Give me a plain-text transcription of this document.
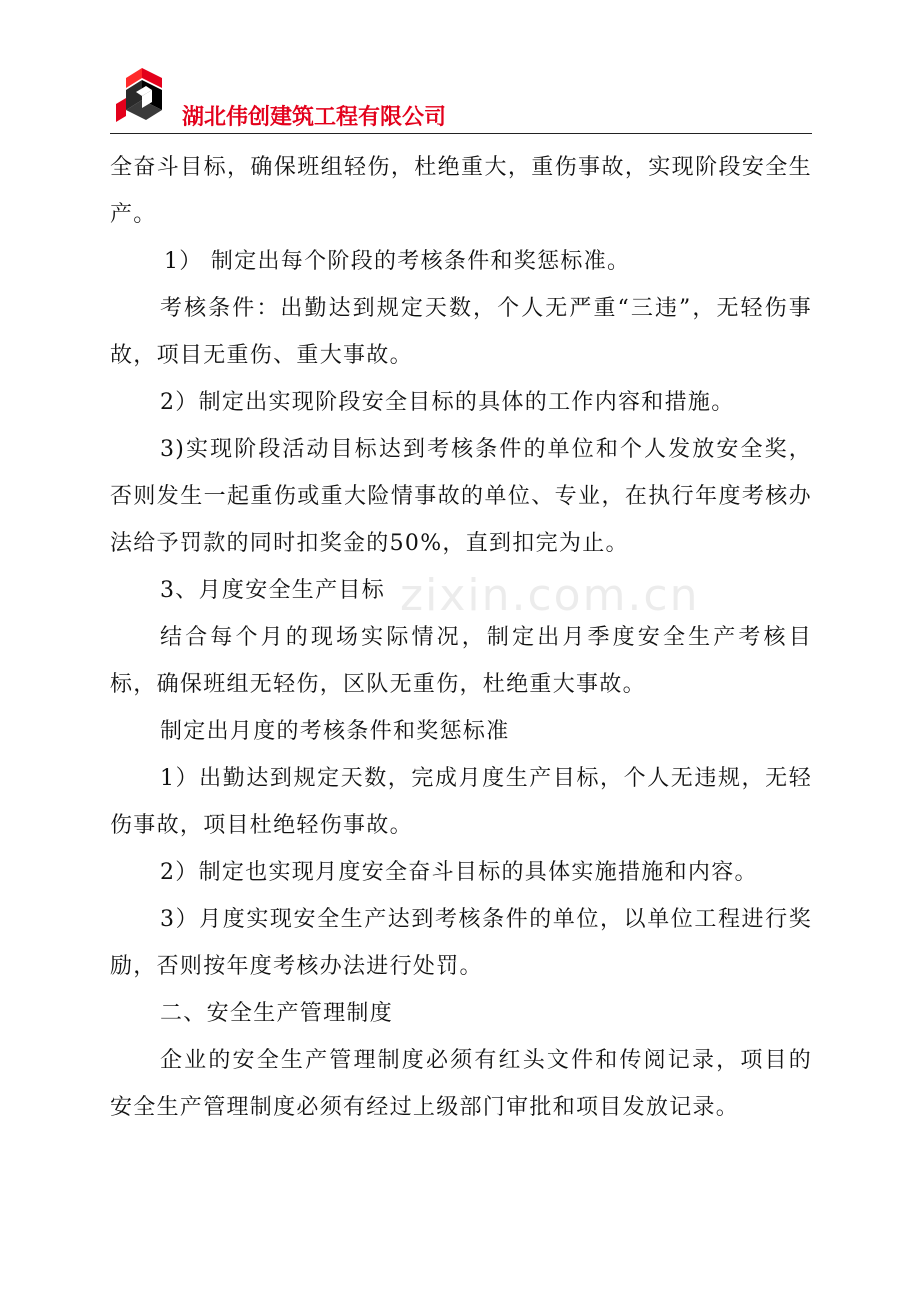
湖北伟创建筑工程有限公司
zixin.com.cn

全奋斗目标，确保班组轻伤，杜绝重大，重伤事故，实现阶段安全生产。

1） 制定出每个阶段的考核条件和奖惩标准。

考核条件：出勤达到规定天数，个人无严重“三违”，无轻伤事故，项目无重伤、重大事故。

2）制定出实现阶段安全目标的具体的工作内容和措施。

3)实现阶段活动目标达到考核条件的单位和个人发放安全奖，否则发生一起重伤或重大险情事故的单位、专业，在执行年度考核办法给予罚款的同时扣奖金的50%，直到扣完为止。

3、月度安全生产目标

结合每个月的现场实际情况，制定出月季度安全生产考核目标，确保班组无轻伤，区队无重伤，杜绝重大事故。

制定出月度的考核条件和奖惩标准

1）出勤达到规定天数，完成月度生产目标，个人无违规，无轻伤事故，项目杜绝轻伤事故。

2）制定也实现月度安全奋斗目标的具体实施措施和内容。

3）月度实现安全生产达到考核条件的单位，以单位工程进行奖励，否则按年度考核办法进行处罚。

二、安全生产管理制度

企业的安全生产管理制度必须有红头文件和传阅记录，项目的安全生产管理制度必须有经过上级部门审批和项目发放记录。
